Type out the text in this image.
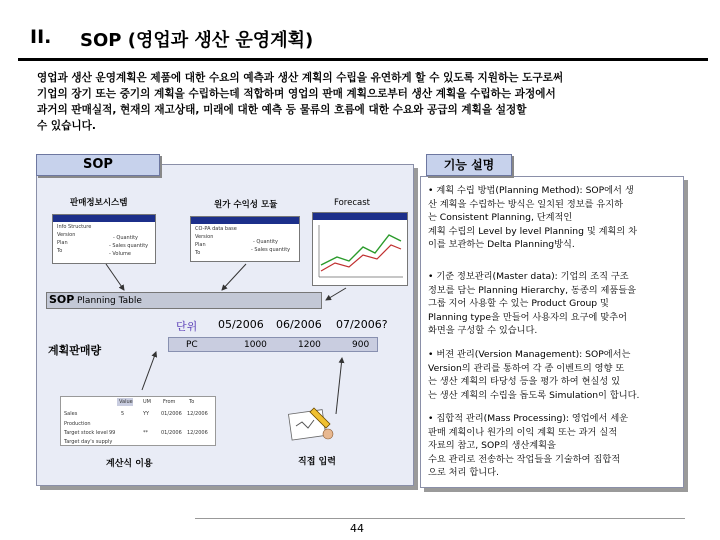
II. SOP (영업과 생산 운영계획)
영업과 생산 운영계획은 제품에 대한 수요의 예측과 생산 계획의 수립을 유연하게 할 수 있도록 지원하는 도구로써
기업의 장기 또는 중기의 계획을 수립하는데 적합하며 영업의 판매 계획으로부터 생산 계획을 수립하는 과정에서
과거의 판매실적, 현재의 재고상태, 미래에 대한 예측 등 물류의 흐름에 대한 수요와 공급의 계획을 설정할
수 있습니다.
SOP
판매정보시스템	원가 수익성 모듈	Forecast
Info Structure
Version
Plan
To
- Quantity
- Sales quantity
- Volume
CO-PA data base
Version
Plan
To
- Quantity
- Sales quantity
SOP Planning Table
단위 05/2006 06/2006 07/2006?
PC	1000	1200	900
계획판매량
Value UM From	To
Sales	5	YY 01/2006 12/2006
Production
Target stock level 99	**	01/2006 12/2006
Target day's supply
계산식 이용	직접 입력
기능 설명
• 계획 수립 방법(Planning Method): SOP에서 생
산 계획을 수립하는 방식은 일치된 정보를 유지하
는 Consistent Planning, 단계적인
계획 수립의 Level by level Planning 및 계획의 차
이를 보관하는 Delta Planning방식.
• 기준 정보관리(Master data): 기업의 조직 구조
정보를 담는 Planning Hierarchy, 동종의 제품들을
그룹 지어 사용할 수 있는 Product Group 및
Planning type을 만들어 사용자의 요구에 맞추어
화면을 구성할 수 있습니다.
• 버젼 관리(Version Management): SOP에서는
Version의 관리를 통하여 각 종 이벤트의 영향 또
는 생산 계획의 타당성 등을 평가 하여 현실성 있
는 생산 계획의 수립을 돕도록 Simulation이 합니다.
• 집합적 관리(Mass Processing): 영업에서 세운
판매 계획이나 원가의 이익 계획 또는 과거 실적
자료의 참고, SOP의 생산계획을
수요 관리로 전송하는 작업들을 기술하여 집합적
으로 처리 합니다.
44
